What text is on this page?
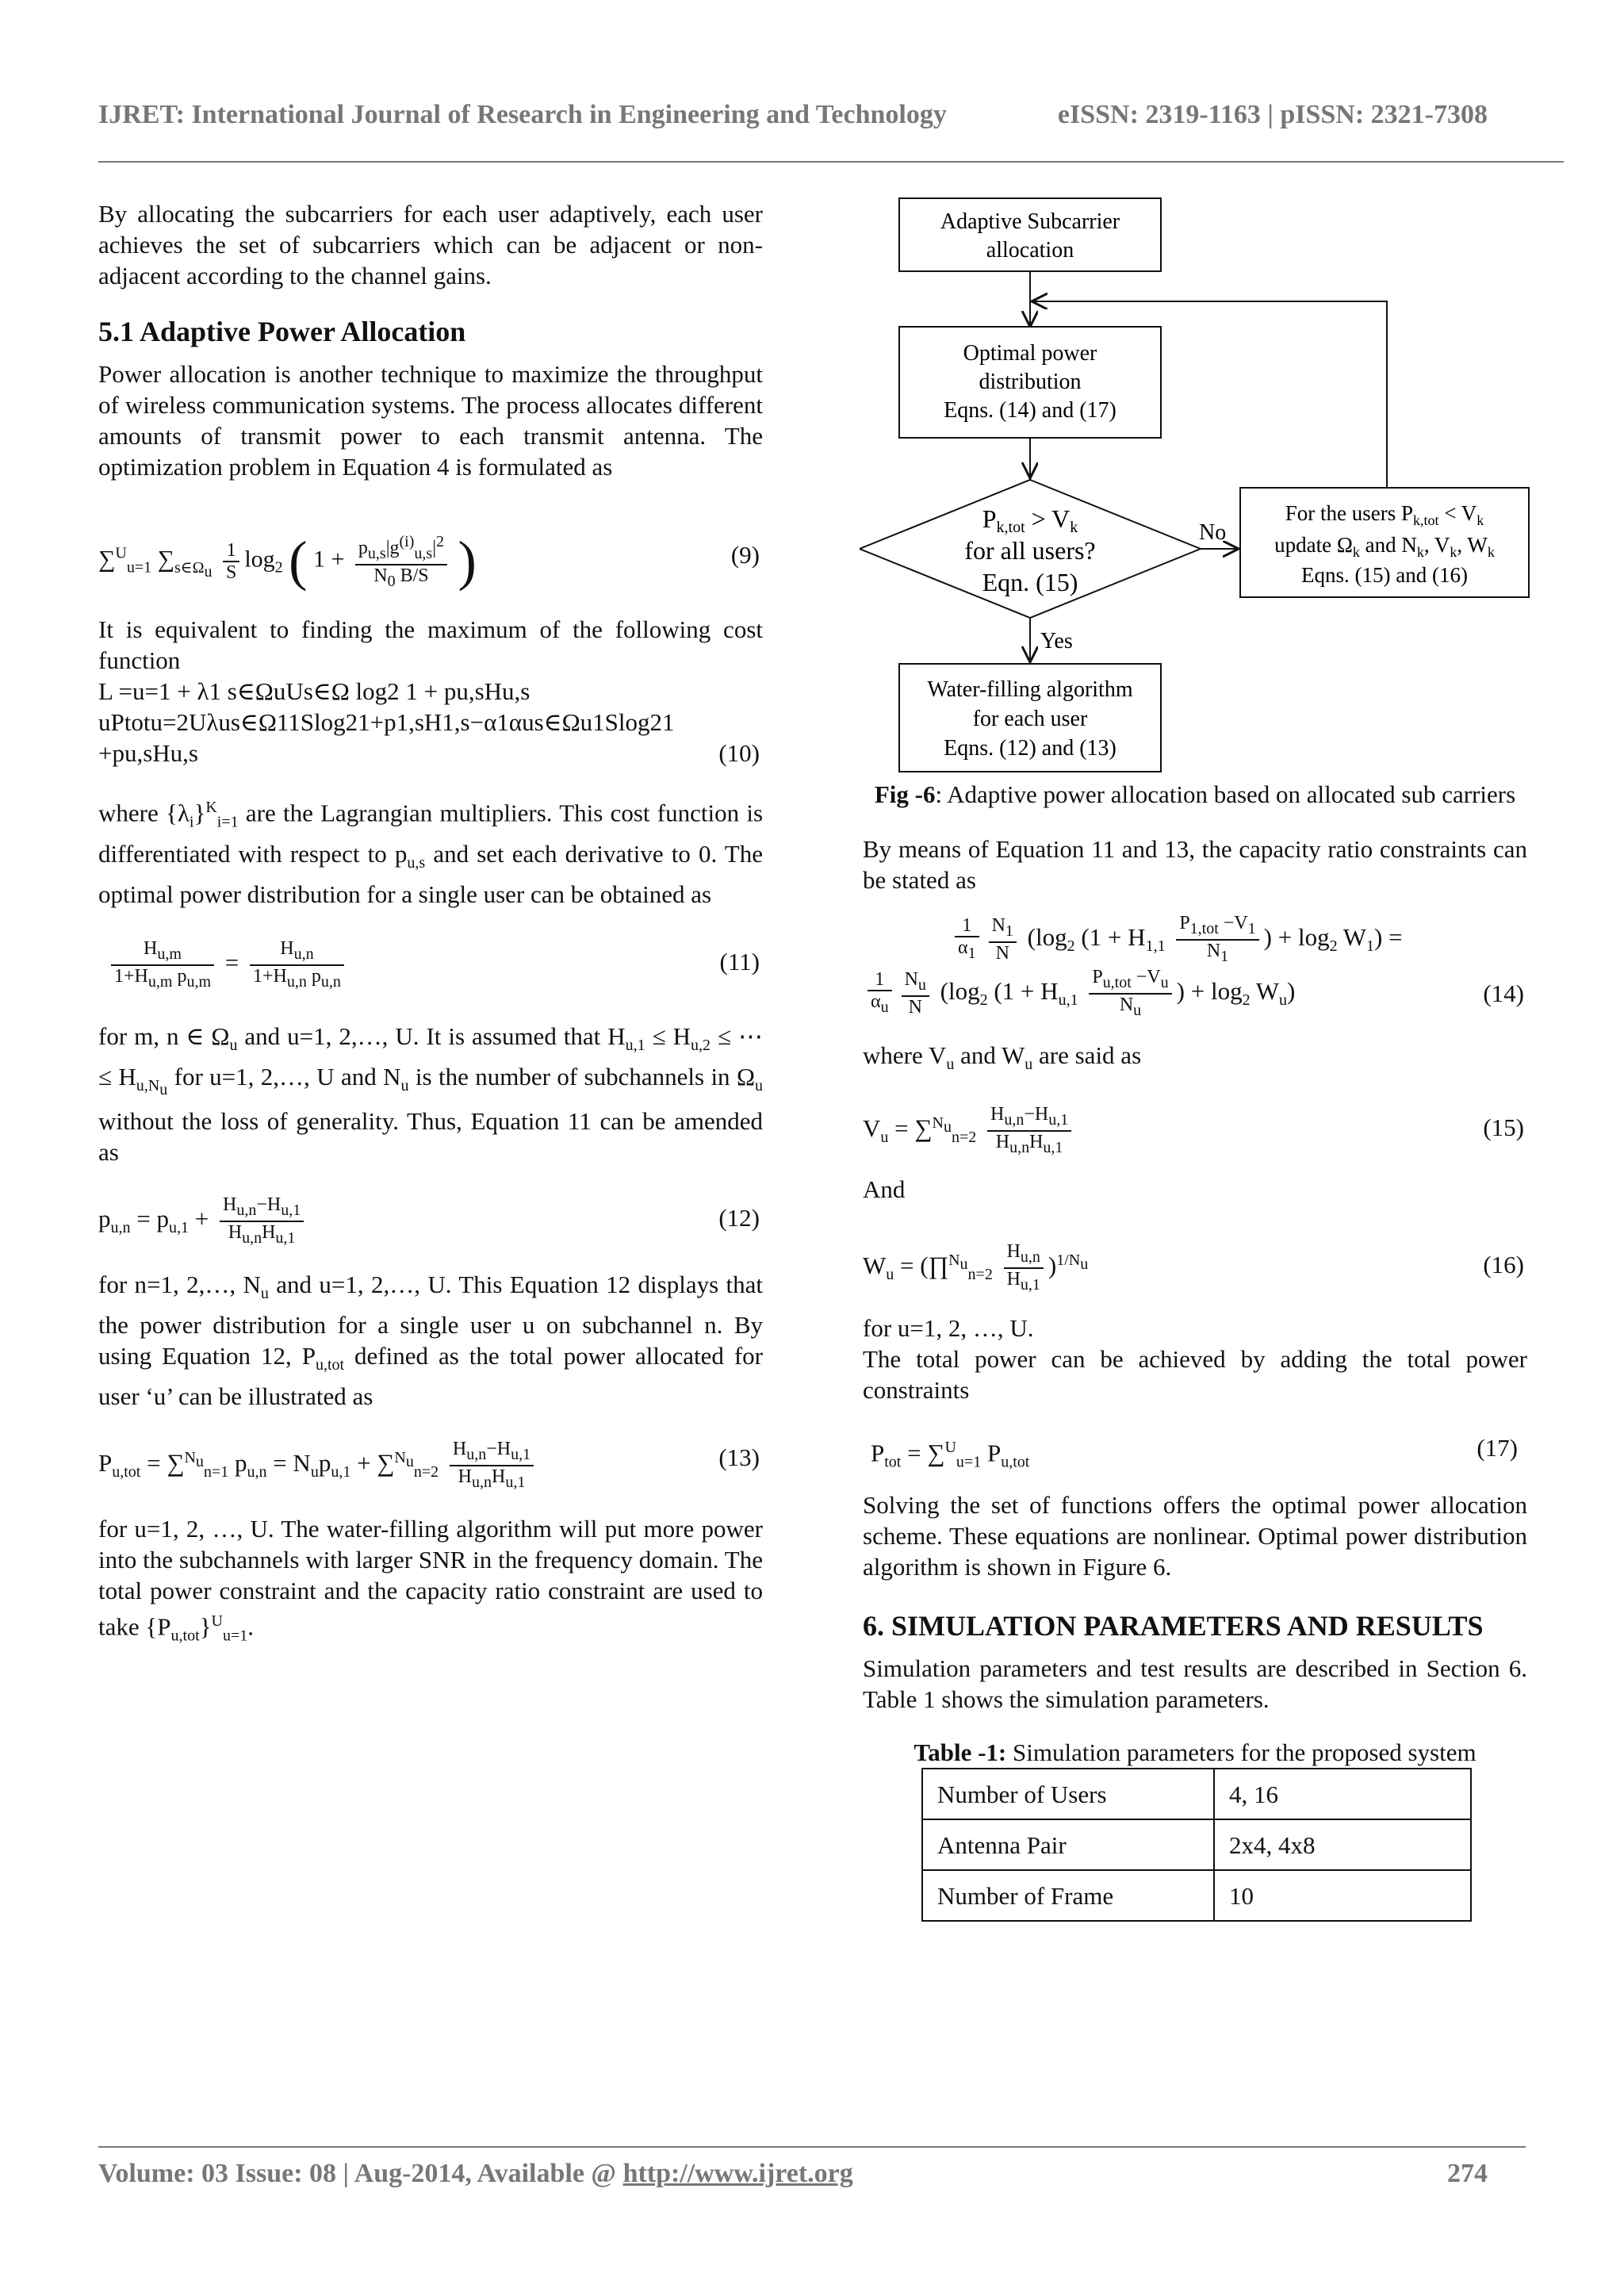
IJRET: International Journal of Research in Engineering and Technology	eISSN: 2319-1163 | pISSN: 2321-7308

By allocating the subcarriers for each user adaptively, each user achieves the set of subcarriers which can be adjacent or non-adjacent according to the channel gains.

5.1 Adaptive Power Allocation

Power allocation is another technique to maximize the throughput of wireless communication systems. The process allocates different amounts of transmit power to each transmit antenna. The optimization problem in Equation 4 is formulated as

∑$^U_{u=1}$ $\sum_{s\in\Omega_u} \frac{1}{S} \log_2$ ( $1 + \frac{p_{u,s}|g^{(i)}_{u,s}|^2}{N_0 B/S}$ )	(9)

It is equivalent to finding the maximum of the following cost function

L =u=1 + λ1 s∈ΩuUs∈Ω log2 1 + pu,sHu,s

uPtotu=2Uλus∈Ω11Slog21+p1,sH1,s−α1αus∈Ωu1Slog21

+pu,sHu,s	(10)

where $\{\lambda_i\}^K_{i=1}$ are the Lagrangian multipliers. This cost function is differentiated with respect to $p_{u,s}$ and set each derivative to 0. The optimal power distribution for a single user can be obtained as

$\frac{H_{u,m}}{1+H_{u,m} p_{u,m}} = \frac{H_{u,n}}{1+H_{u,n} p_{u,n}}$	(11)

for m, n ∈ $\Omega_u$ and u=1, 2,…, U. It is assumed that $H_{u,1} \le H_{u,2}$ ≤ ⋯ ≤ $H_{u,N_u}$ for u=1, 2,…, U and $N_u$ is the number of subchannels in $\Omega_u$ without the loss of generality. Thus, Equation 11 can be amended as

$p_{u,n} = p_{u,1} + \frac{H_{u,n}-H_{u,1}}{H_{u,n}H_{u,1}}$	(12)

for n=1, 2,…, $N_u$ and u=1, 2,…, U. This Equation 12 displays that the power distribution for a single user u on subchannel n. By using Equation 12, $P_{u,tot}$ defined as the total power allocated for user ‘u’ can be illustrated as

$P_{u,tot} = \sum^{N_u}_{n=1}$ $p_{u,n} = N_up_{u,1} + \sum^{N_u}_{n=2} \frac{H_{u,n}-H_{u,1}}{H_{u,n}H_{u,1}}$	(13)

for u=1, 2, …, U. The water-filling algorithm will put more power into the subchannels with larger SNR in the frequency domain. The total power constraint and the capacity ratio constraint are used to take $\{P_{u,tot}\}^U_{u=1}$.

Adaptive Subcarrier
allocation
Optimal power
distribution
Eqns. (14) and (17)
Pk,tot > Vk
for all users?
Eqn. (15)
No
For the users $P_{k,tot} < V_k$
update $\Omega_k$ and $N_k$, $V_k$, $W_k$
Eqns. (15) and (16)
Yes
Water-filling algorithm
for each user
Eqns. (12) and (13)

Fig -6: Adaptive power allocation based on allocated sub carriers

By means of Equation 11 and 13, the capacity ratio constraints can be stated as

$\frac{1}{\alpha_1} \frac{N_1}{N} (\log_2$ ($1 + H_{1,1} \frac{P_{1,tot} -V_1}{N_1}$ ) + $\log_2 W_1$) =
$\frac{1}{\alpha_u} \frac{N_u}{N} (\log_2$ ($1 + H_{u,1} \frac{P_{u,tot} -V_u}{N_u}$ ) + $\log_2 W_u$)	(14)

where $V_u$ and $W_u$ are said as

$V_u = \sum^{N_u}_{n=2} \frac{H_{u,n}-H_{u,1}}{H_{u,n}H_{u,1}}$	(15)

And

$W_u$ = (∏$^{N_u}_{n=2}$ $\frac{H_{u,n}}{H_{u,1}} )^{1/N_u}$	(16)

for u=1, 2, …, U.

The total power can be achieved by adding the total power constraints

$P_{tot} = \sum^U_{u=1}$ $P_{u,tot}$
(17)

Solving the set of functions offers the optimal power allocation scheme. These equations are nonlinear. Optimal power distribution algorithm is shown in Figure 6.

6. SIMULATION PARAMETERS AND RESULTS

Simulation parameters and test results are described in Section 6. Table 1 shows the simulation parameters.

Table -1: Simulation parameters for the proposed system

Number of Users	4, 16
Antenna Pair	2x4, 4x8
Number of Frame	10
Volume: 03 Issue: 08 | Aug-2014, Available @ http://www.ijret.org	274
